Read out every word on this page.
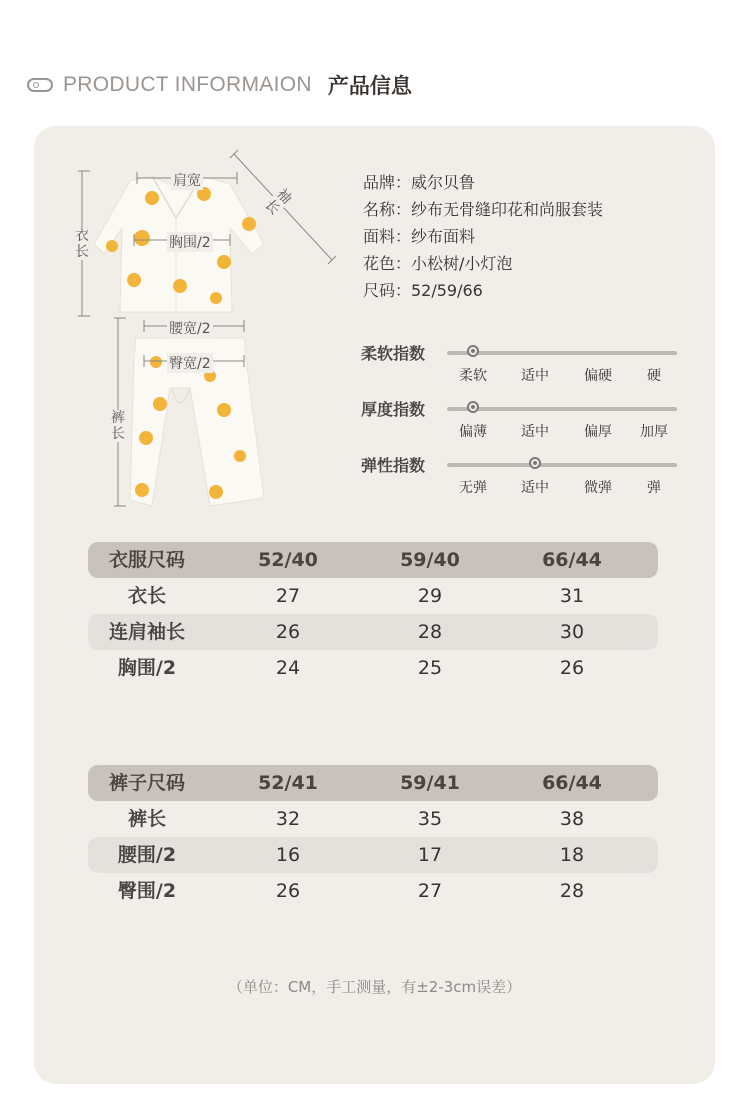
PRODUCT INFORMAION 产品信息
肩宽
胸围/2
腰宽/2
臀宽/2
衣长
裤长
袖长
品牌：威尔贝鲁
名称：纱布无骨缝印花和尚服套装
面料：纱布面料
花色：小松树/小灯泡
尺码：52/59/66
柔软指数
柔软 适中	偏硬	硬
厚度指数
偏薄 适中	偏厚 加厚
弹性指数
无弹 适中	微弹	弹
衣服尺码	52/40	59/40	66/44
衣长	27	29	31
连肩袖长	26	28	30
胸围/2	24	25	26
裤子尺码	52/41	59/41	66/44
裤长	32	35	38
腰围/2	16	17	18
臀围/2	26	27	28
（单位：CM，手工测量，有±2-3cm误差）
